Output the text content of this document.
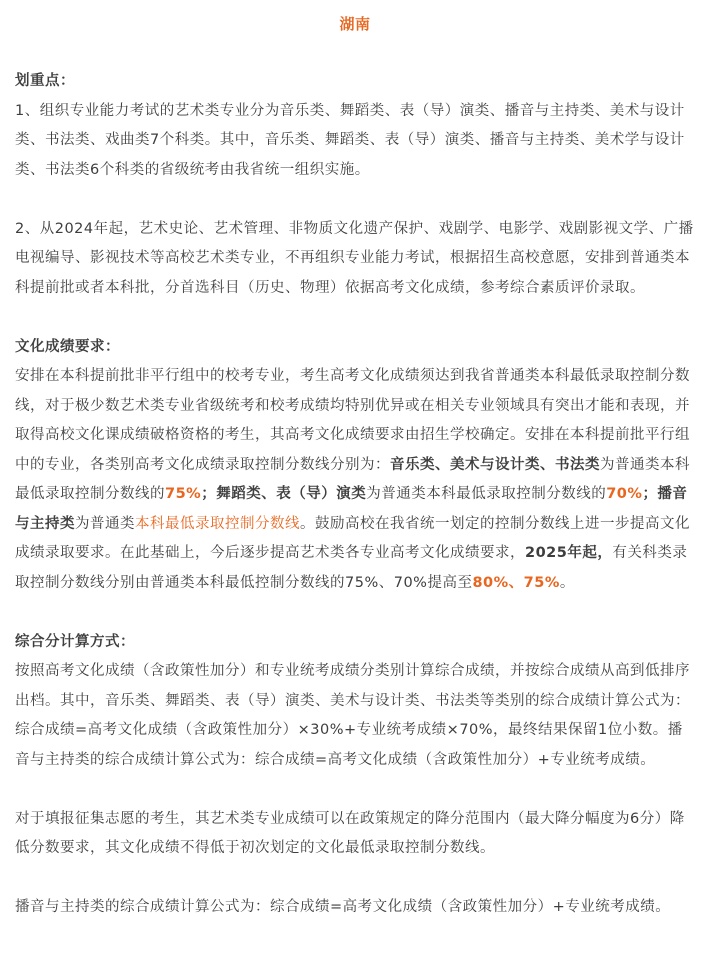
湖南

划重点：

1、组织专业能力考试的艺术类专业分为音乐类、舞蹈类、表（导）演类、播音与主持类、美术与设计类、书法类、戏曲类7个科类。其中，音乐类、舞蹈类、表（导）演类、播音与主持类、美术学与设计类、书法类6个科类的省级统考由我省统一组织实施。

2、从2024年起，艺术史论、艺术管理、非物质文化遗产保护、戏剧学、电影学、戏剧影视文学、广播电视编导、影视技术等高校艺术类专业，不再组织专业能力考试，根据招生高校意愿，安排到普通类本科提前批或者本科批，分首选科目（历史、物理）依据高考文化成绩，参考综合素质评价录取。

文化成绩要求：

安排在本科提前批非平行组中的校考专业，考生高考文化成绩须达到我省普通类本科最低录取控制分数线，对于极少数艺术类专业省级统考和校考成绩均特别优异或在相关专业领域具有突出才能和表现，并取得高校文化课成绩破格资格的考生，其高考文化成绩要求由招生学校确定。安排在本科提前批平行组中的专业，各类别高考文化成绩录取控制分数线分别为：音乐类、美术与设计类、书法类为普通类本科最低录取控制分数线的75%；舞蹈类、表（导）演类为普通类本科最低录取控制分数线的70%；播音与主持类为普通类本科最低录取控制分数线。鼓励高校在我省统一划定的控制分数线上进一步提高文化成绩录取要求。在此基础上，今后逐步提高艺术类各专业高考文化成绩要求，2025年起，有关科类录取控制分数线分别由普通类本科最低控制分数线的75%、70%提高至80%、75%。

综合分计算方式：

按照高考文化成绩（含政策性加分）和专业统考成绩分类别计算综合成绩，并按综合成绩从高到低排序出档。其中，音乐类、舞蹈类、表（导）演类、美术与设计类、书法类等类别的综合成绩计算公式为：综合成绩=高考文化成绩（含政策性加分）×30%+专业统考成绩×70%，最终结果保留1位小数。播音与主持类的综合成绩计算公式为：综合成绩=高考文化成绩（含政策性加分）+专业统考成绩。

对于填报征集志愿的考生，其艺术类专业成绩可以在政策规定的降分范围内（最大降分幅度为6分）降低分数要求，其文化成绩不得低于初次划定的文化最低录取控制分数线。

播音与主持类的综合成绩计算公式为：综合成绩=高考文化成绩（含政策性加分）+专业统考成绩。
